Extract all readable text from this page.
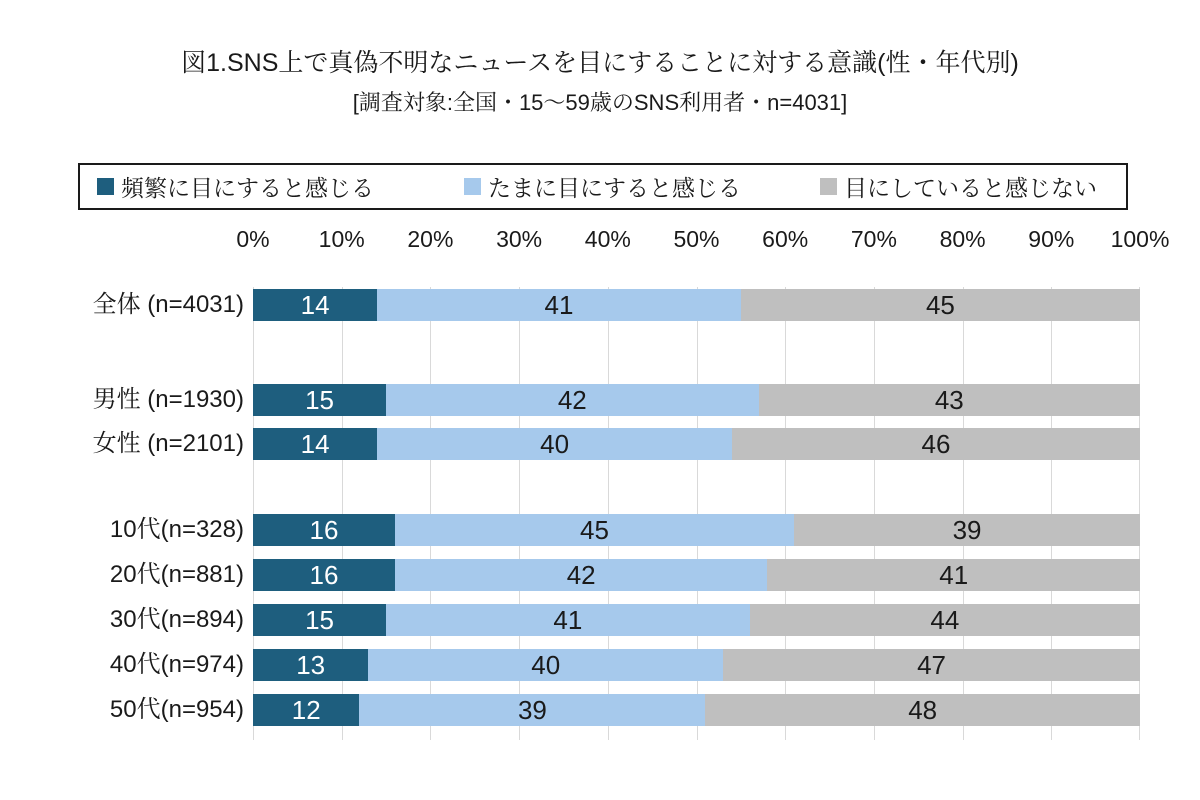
図1.SNS上で真偽不明なニュースを目にすることに対する意識(性・年代別)
[調査対象:全国・15〜59歳のSNS利用者・n=4031]
頻繁に目にすると感じる	たまに目にすると感じる	目にしていると感じない
0% 10% 20% 30% 40% 50% 60% 70% 80% 90% 100%
全体 (n=4031) 14	41	45
男性 (n=1930) 15	42	43
女性 (n=2101) 14	40	46
10代(n=328)	16	45	39
20代(n=881)	16	42	41
30代(n=894) 15	41	44
40代(n=974) 13	40	47
50代(n=954) 12	39	48
